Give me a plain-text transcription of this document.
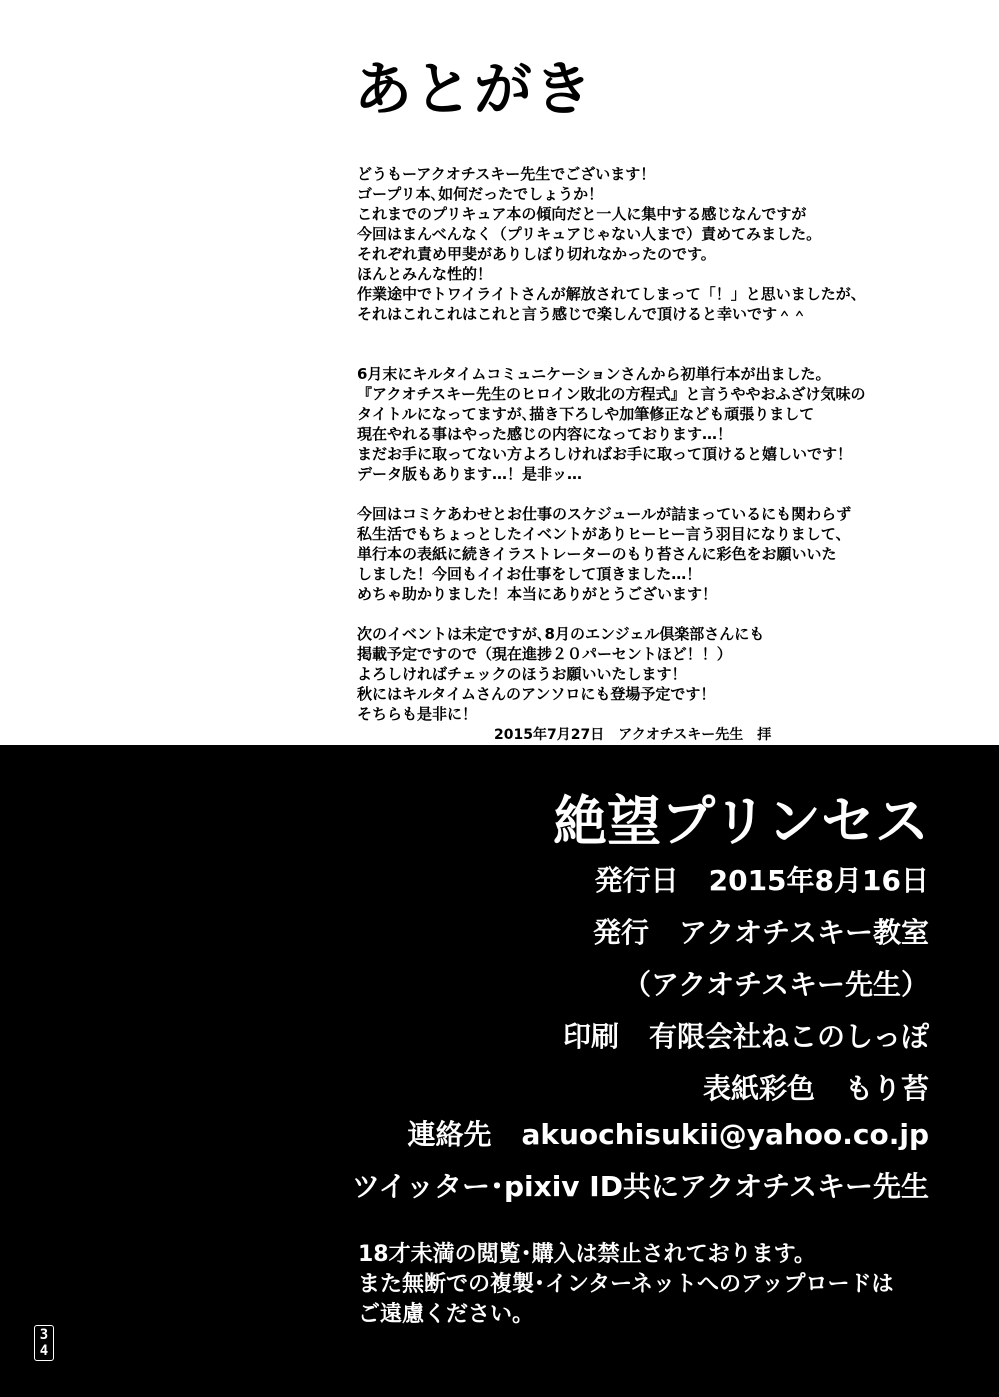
あとがき
どうもーアクオチスキー先生でございます！
ゴープリ本､如何だったでしょうか！
これまでのプリキュア本の傾向だと一人に集中する感じなんですが
今回はまんべんなく（プリキュアじゃない人まで）責めてみました。
それぞれ責め甲斐がありしぼり切れなかったのです。
ほんとみんな性的！
作業途中でトワイライトさんが解放されてしまって「！」と思いましたが、
それはこれこれはこれと言う感じで楽しんで頂けると幸いです＾＾
6月末にキルタイムコミュニケーションさんから初単行本が出ました。
『アクオチスキー先生のヒロイン敗北の方程式』と言うややおふざけ気味の
タイトルになってますが､描き下ろしや加筆修正なども頑張りまして
現在やれる事はやった感じの内容になっております…！
まだお手に取ってない方よろしければお手に取って頂けると嬉しいです！
データ版もあります…！是非ッ…
今回はコミケあわせとお仕事のスケジュールが詰まっているにも関わらず
私生活でもちょっとしたイベントがありヒーヒー言う羽目になりまして、
単行本の表紙に続きイラストレーターのもり苔さんに彩色をお願いいた
しました！今回もイイお仕事をして頂きました…！
めちゃ助かりました！本当にありがとうございます！
次のイベントは未定ですが､8月のエンジェル倶楽部さんにも
掲載予定ですので（現在進捗２０パーセントほど！！）
よろしければチェックのほうお願いいたします！
秋にはキルタイムさんのアンソロにも登場予定です！
そちらも是非に！
2015年7月27日　アクオチスキー先生　拝
絶望プリンセス
発行日 2015年8月16日
発行 アクオチスキー教室
（アクオチスキー先生）
印刷 有限会社ねこのしっぽ
表紙彩色 もり苔
連絡先 akuochisukii@yahoo.co.jp
ツイッター･pixiv ID共にアクオチスキー先生
18才未満の閲覧･購入は禁止されております。
また無断での複製･インターネットへのアップロードは
ご遠慮ください。
3
4
